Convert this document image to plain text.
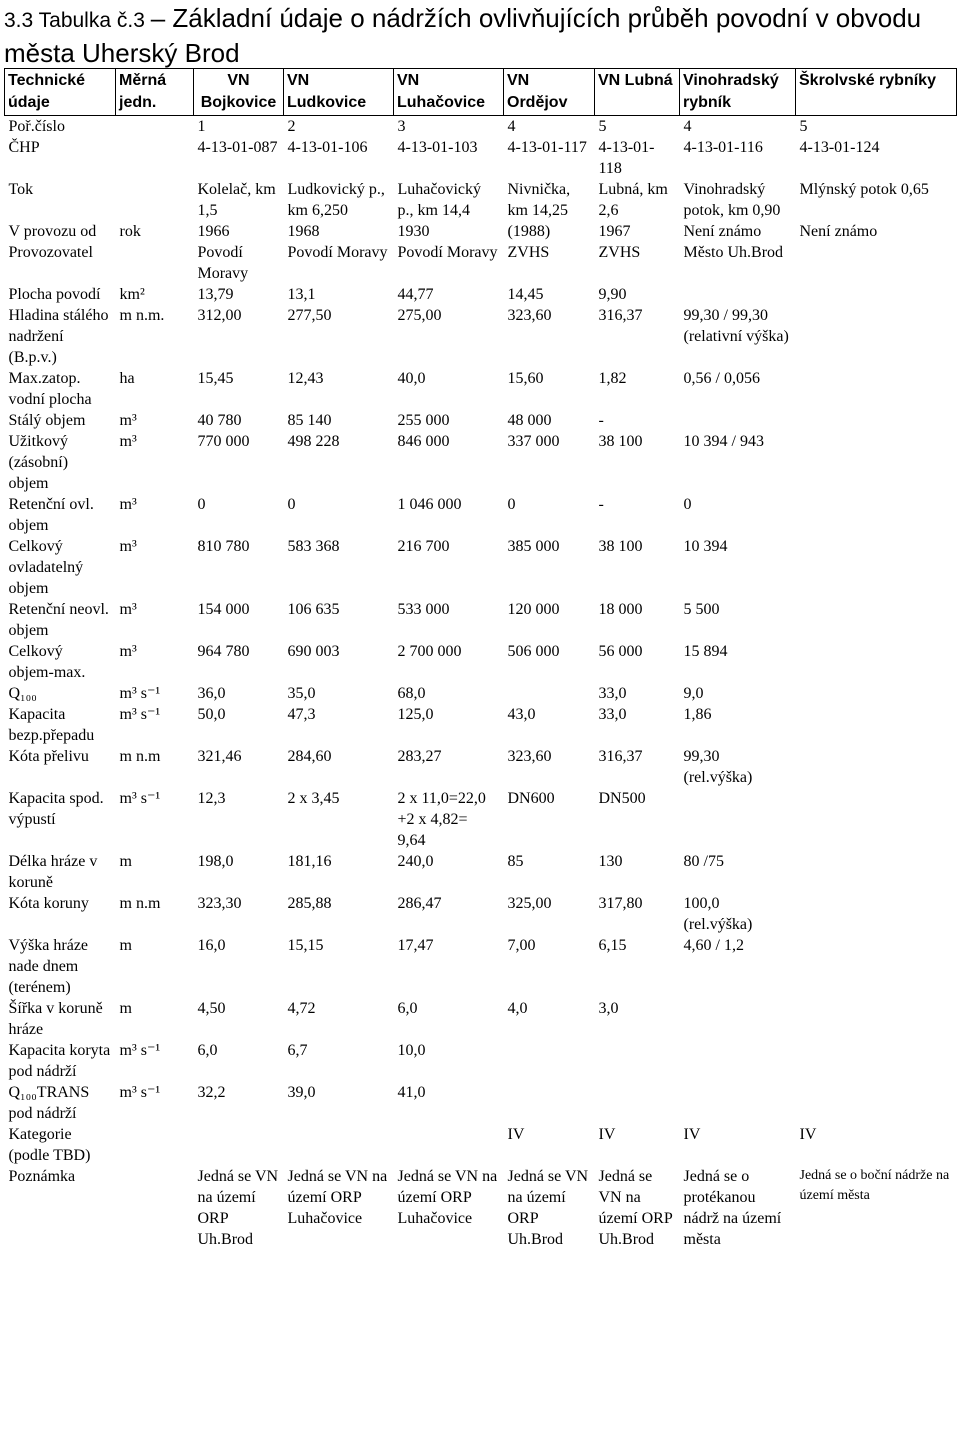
3.3 Tabulka č.3 – Základní údaje o nádržích ovlivňujících průběh povodní v obvodu města Uherský Brod
Technické údaje	Měrná jedn.	VN Bojkovice	VN Ludkovice	VN Luhačovice	VN Ordějov	VN Lubná	Vinohradský rybník	Škrolvské rybníky
Poř.číslo		1	2	3	4	5	4	5
ČHP		4-13-01-087	4-13-01-106	4-13-01-103	4-13-01-117	4-13-01-118	4-13-01-116	4-13-01-124
Tok		Kolelač, km 1,5	Ludkovický p., km 6,250	Luhačovický p., km 14,4	Nivnička, km 14,25	Lubná, km 2,6	Vinohradský potok, km 0,90	Mlýnský potok 0,65
V provozu od	rok	1966	1968	1930	(1988)	1967	Není známo	Není známo
Provozovatel		Povodí Moravy	Povodí Moravy	Povodí Moravy	ZVHS	ZVHS	Město Uh.Brod	
Plocha povodí	km²	13,79	13,1	44,77	14,45	9,90		
Hladina stálého nadržení (B.p.v.)	m n.m.	312,00	277,50	275,00	323,60	316,37	99,30 / 99,30 (relativní výška)	
Max.zatop. vodní plocha	ha	15,45	12,43	40,0	15,60	1,82	0,56 / 0,056	
Stálý objem	m³	40 780	85 140	255 000	48 000	-		
Užitkový (zásobní) objem	m³	770 000	498 228	846 000	337 000	38 100	10 394 / 943	
Retenční ovl. objem	m³	0	0	1 046 000	0	-	0	
Celkový ovladatelný objem	m³	810 780	583 368	216 700	385 000	38 100	10 394	
Retenční neovl. objem	m³	154 000	106 635	533 000	120 000	18 000	5 500	
Celkový objem-max.	m³	964 780	690 003	2 700 000	506 000	56 000	15 894	
Q₁₀₀	m³ s⁻¹	36,0	35,0	68,0		33,0	9,0	
Kapacita bezp.přepadu	m³ s⁻¹	50,0	47,3	125,0	43,0	33,0	1,86	
Kóta přelivu	m n.m	321,46	284,60	283,27	323,60	316,37	99,30 (rel.výška)	
Kapacita spod. výpustí	m³ s⁻¹	12,3	2 x 3,45	2 x 11,0=22,0 +2 x 4,82= 9,64	DN600	DN500		
Délka hráze v koruně	m	198,0	181,16	240,0	85	130	80 /75	
Kóta koruny	m n.m	323,30	285,88	286,47	325,00	317,80	100,0 (rel.výška)	
Výška hráze nade dnem (terénem)	m	16,0	15,15	17,47	7,00	6,15	4,60 / 1,2	
Šířka v koruně hráze	m	4,50	4,72	6,0	4,0	3,0		
Kapacita koryta pod nádrží	m³ s⁻¹	6,0	6,7	10,0				
Q₁₀₀TRANS pod nádrží	m³ s⁻¹	32,2	39,0	41,0				
Kategorie (podle TBD)					IV	IV	IV	IV
Poznámka		Jedná se VN na území ORP Uh.Brod	Jedná se VN na území ORP Luhačovice	Jedná se VN na území ORP Luhačovice	Jedná se VN na území ORP Uh.Brod	Jedná se VN na území ORP Uh.Brod	Jedná se o protékanou nádrž na území města	Jedná se o boční nádrže na území města
